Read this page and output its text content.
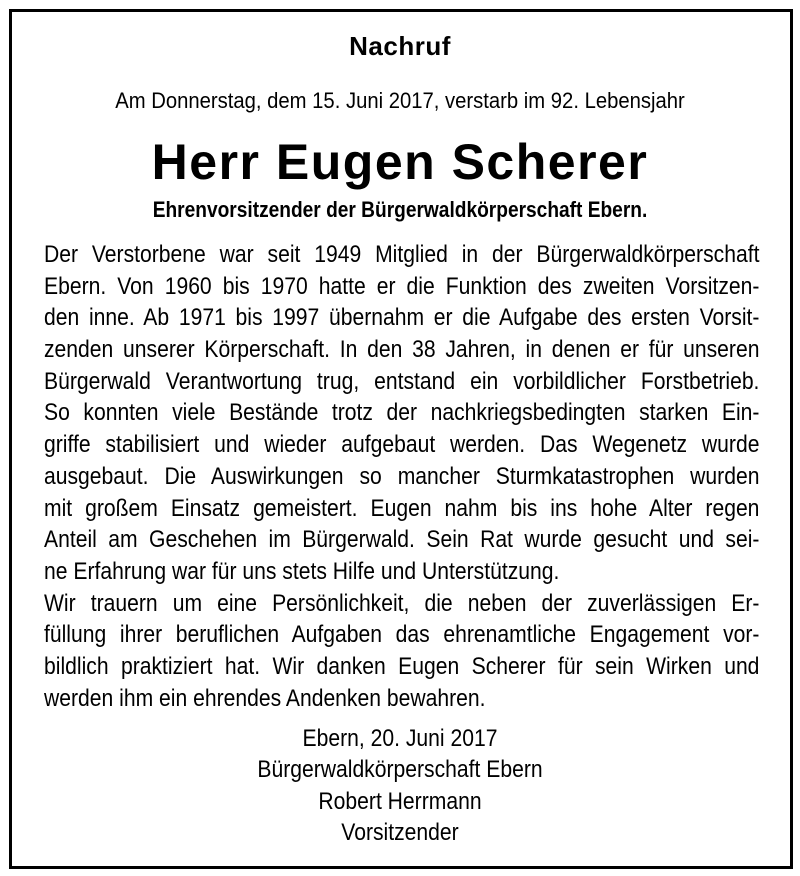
Nachruf
Am Donnerstag, dem 15. Juni 2017, verstarb im 92. Lebensjahr
Herr Eugen Scherer
Ehrenvorsitzender der Bürgerwaldkörperschaft Ebern.
Der Verstorbene war seit 1949 Mitglied in der Bürgerwaldkörperschaft
Ebern. Von 1960 bis 1970 hatte er die Funktion des zweiten Vorsitzen-
den inne. Ab 1971 bis 1997 übernahm er die Aufgabe des ersten Vorsit-
zenden unserer Körperschaft. In den 38 Jahren, in denen er für unseren
Bürgerwald Verantwortung trug, entstand ein vorbildlicher Forstbetrieb.
So konnten viele Bestände trotz der nachkriegsbedingten starken Ein-
griffe stabilisiert und wieder aufgebaut werden. Das Wegenetz wurde
ausgebaut. Die Auswirkungen so mancher Sturmkatastrophen wurden
mit großem Einsatz gemeistert. Eugen nahm bis ins hohe Alter regen
Anteil am Geschehen im Bürgerwald. Sein Rat wurde gesucht und sei-
ne Erfahrung war für uns stets Hilfe und Unterstützung.
Wir trauern um eine Persönlichkeit, die neben der zuverlässigen Er-
füllung ihrer beruflichen Aufgaben das ehrenamtliche Engagement vor-
bildlich praktiziert hat. Wir danken Eugen Scherer für sein Wirken und
werden ihm ein ehrendes Andenken bewahren.
Ebern, 20. Juni 2017
Bürgerwaldkörperschaft Ebern
Robert Herrmann
Vorsitzender
